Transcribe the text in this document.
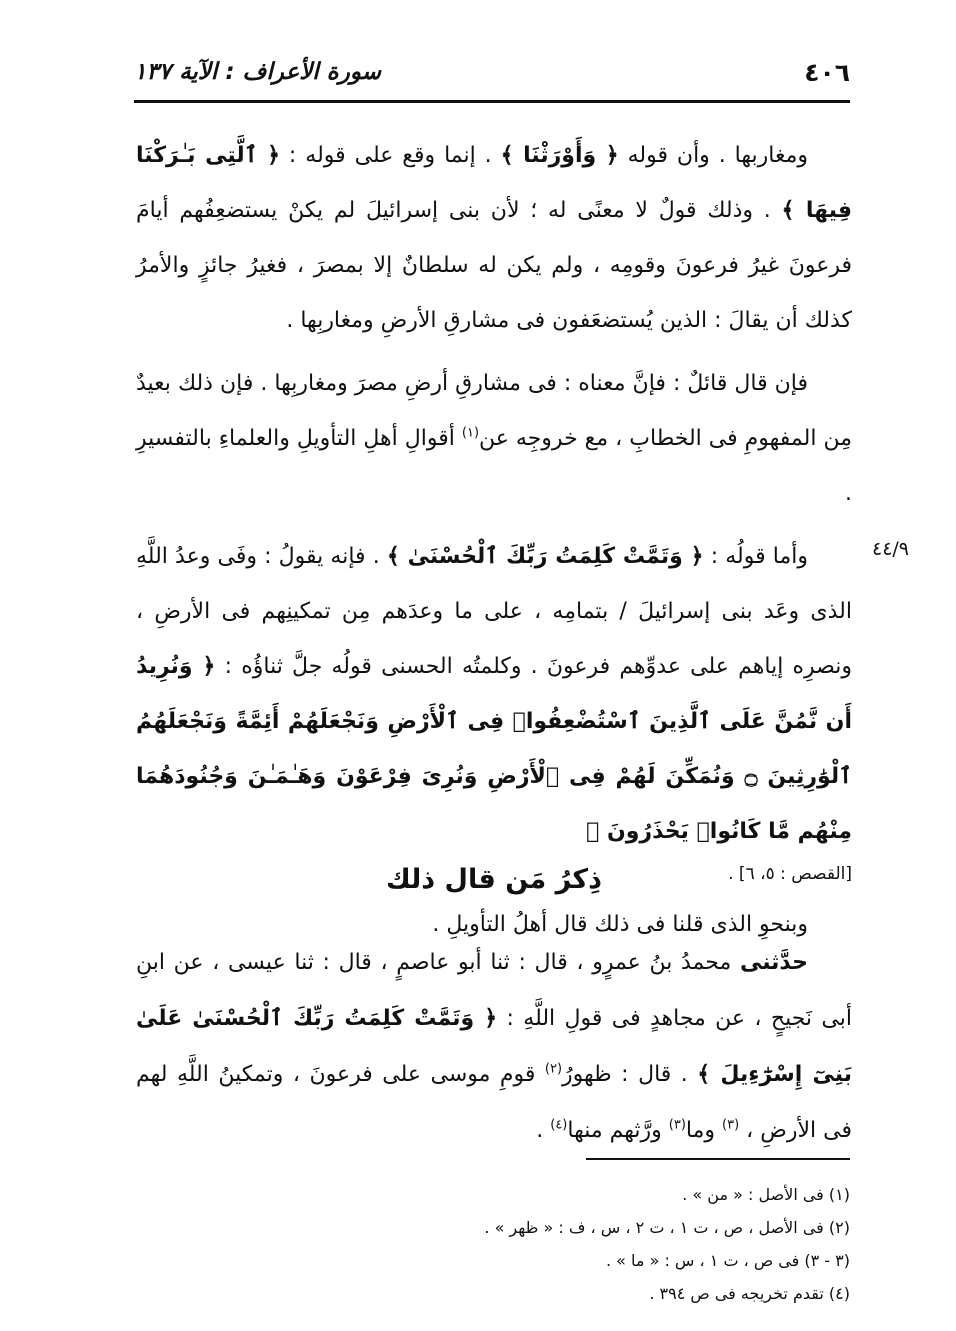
٤٠٦
سورة الأعراف : الآية ١٣٧

ومغاربها . وأن قوله ﴿ وَأَوْرَثْنَا ﴾ . إنما وقع على قوله : ﴿ ٱلَّتِى بَـٰرَكْنَا فِيهَا ﴾ . وذلك قولٌ لا معنًى له ؛ لأن بنى إسرائيلَ لم يكنْ يستضعِفُهم أيامَ فرعونَ غيرُ فرعونَ وقومِه ، ولم يكن له سلطانٌ إلا بمصرَ ، فغيرُ جائزٍ والأمرُ كذلك أن يقالَ : الذين يُستضعَفون فى مشارقِ الأرضِ ومغاربِها .

فإن قال قائلٌ : فإنَّ معناه : فى مشارقِ أرضِ مصرَ ومغاربِها . فإن ذلك بعيدٌ مِن المفهومِ فى الخطابِ ، مع خروجِه عن$^{(١)}$ أقوالِ أهلِ التأويلِ والعلماءِ بالتفسيرِ .

وأما قولُه : ﴿ وَتَمَّتْ كَلِمَتُ رَبِّكَ ٱلْحُسْنَىٰ ﴾ . فإنه يقولُ : وفَى وعدُ اللَّهِ الذى وعَد بنى إسرائيلَ / بتمامِه ، على ما وعدَهم مِن تمكينِهم فى الأرضِ ، ونصرِه إياهم على عدوِّهم فرعونَ . وكلمتُه الحسنى قولُه جلَّ ثناؤُه : ﴿ وَنُرِيدُ أَن نَّمُنَّ عَلَى ٱلَّذِينَ ٱسْتُضْعِفُوا۟ فِى ٱلْأَرْضِ وَنَجْعَلَهُمْ أَئِمَّةً وَنَجْعَلَهُمُ ٱلْوَٰرِثِينَ ۝ وَنُمَكِّنَ لَهُمْ فِى ٱلْأَرْضِ وَنُرِىَ فِرْعَوْنَ وَهَـٰمَـٰنَ وَجُنُودَهُمَا مِنْهُم مَّا كَانُوا۟ يَحْذَرُونَ ﴾
[القصص : ٥، ٦] .

وبنحوِ الذى قلنا فى ذلك قال أهلُ التأويلِ .

٤٤/٩
ذِكرُ مَن قال ذلك

حدَّثنى محمدُ بنُ عمرٍو ، قال : ثنا أبو عاصمٍ ، قال : ثنا عيسى ، عن ابنِ أبى نَجيحٍ ، عن مجاهدٍ فى قولِ اللَّهِ : ﴿ وَتَمَّتْ كَلِمَتُ رَبِّكَ ٱلْحُسْنَىٰ عَلَىٰ بَنِىٓ إِسْرَٰٓءِيلَ ﴾ . قال : ظهورُ$^{(٢)}$ قومِ موسى على فرعونَ ، وتمكينُ اللَّهِ لهم فى الأرضِ ، $^{(٣)}$ وما$^{(٣)}$ ورَّثهم منها$^{(٤)}$ .

(١) فى الأصل : « من » .

(٢) فى الأصل ، ص ، ت ١ ، ت ٢ ، س ، ف : « ظهر » .

(٣ - ٣) فى ص ، ت ١ ، س : « ما » .

(٤) تقدم تخريجه فى ص ٣٩٤ .
